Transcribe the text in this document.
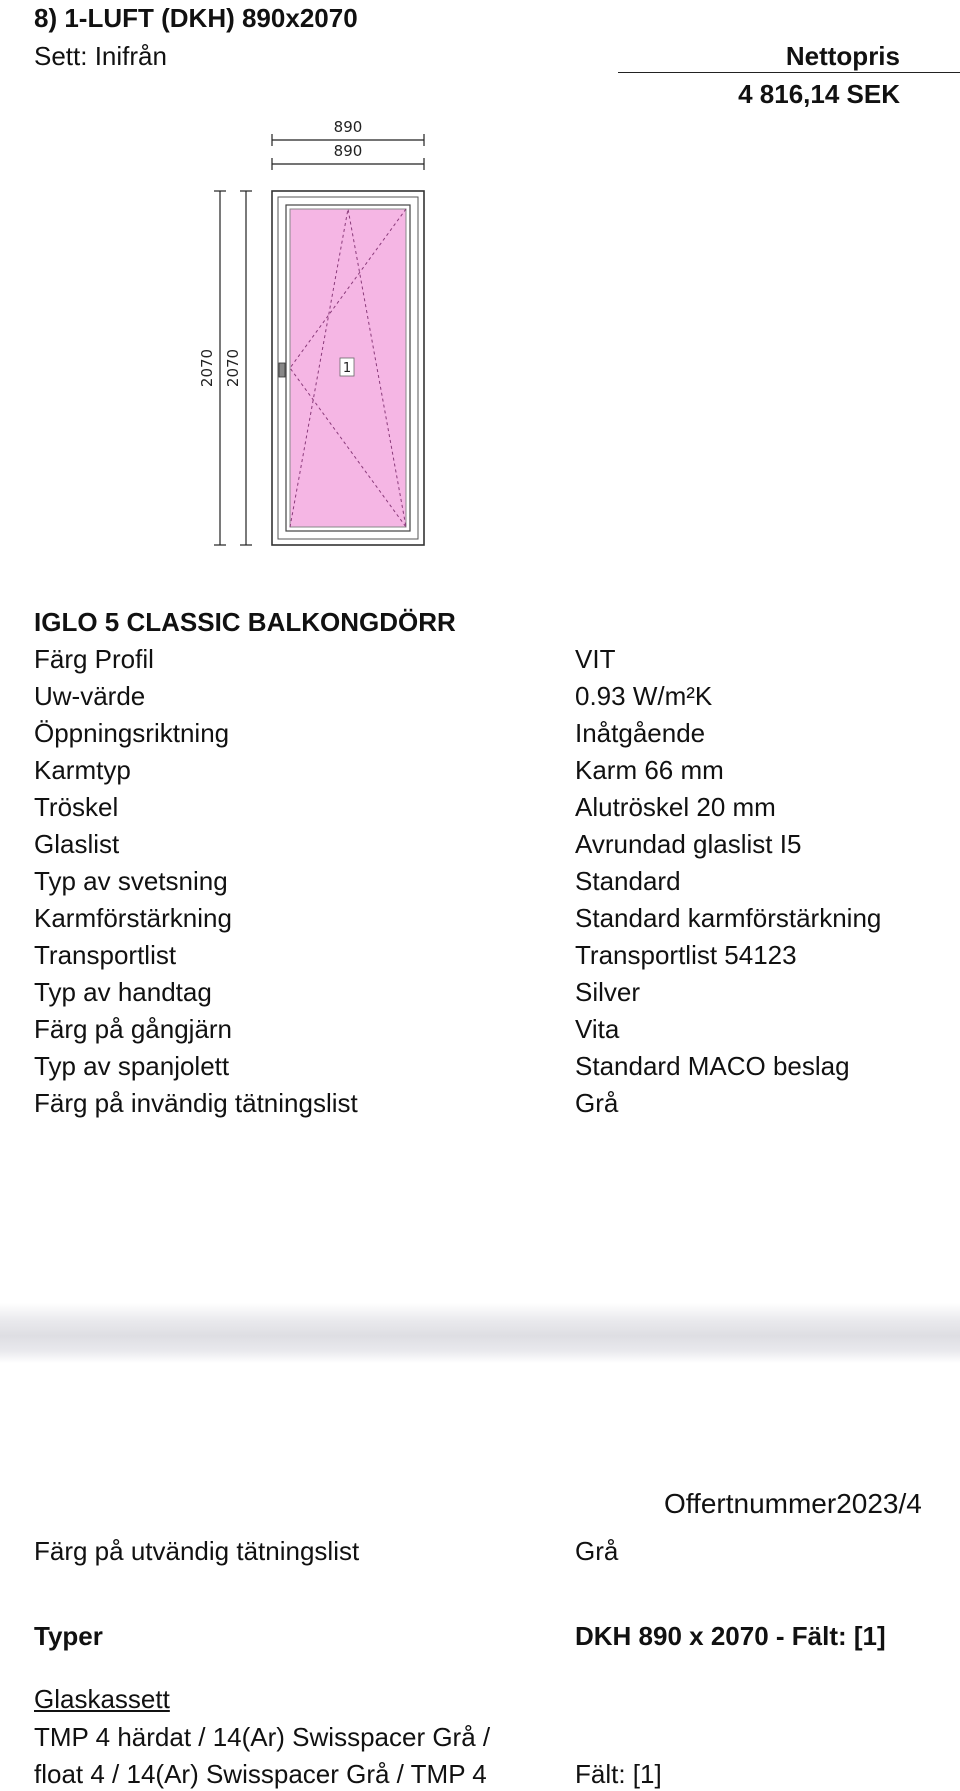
8) 1-LUFT (DKH) 890x2070
Sett: Inifrån	Nettopris
4 816,14 SEK
890
890
2070 2070	1
IGLO 5 CLASSIC BALKONGDÖRR
Färg Profil	VIT
Uw-värde	0.93 W/m²K
Öppningsriktning	Inåtgående
Karmtyp	Karm 66 mm
Tröskel	Alutröskel 20 mm
Glaslist	Avrundad glaslist I5
Typ av svetsning	Standard
Karmförstärkning	Standard karmförstärkning
Transportlist	Transportlist 54123
Typ av handtag	Silver
Färg på gångjärn	Vita
Typ av spanjolett	Standard MACO beslag
Färg på invändig tätningslist	Grå
Offertnummer2023/4
Färg på utvändig tätningslist	Grå
Typer	DKH 890 x 2070 - Fält: [1]
Glaskassett
TMP 4 härdat / 14(Ar) Swisspacer Grå /
float 4 / 14(Ar) Swisspacer Grå / TMP 4	Fält: [1]
